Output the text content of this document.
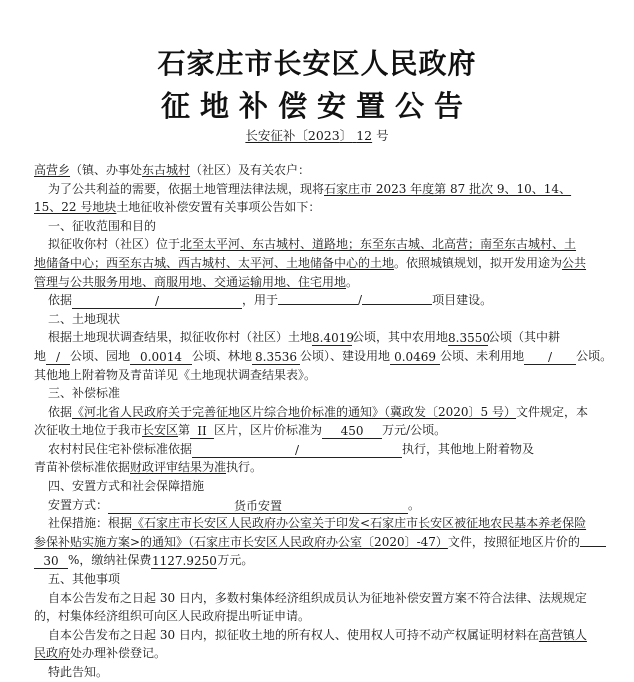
石家庄市长安区人民政府
征地补偿安置公告
长安征补〔2023〕 12 号
高营乡（镇、办事处东古城村（社区）及有关农户：
为了公共利益的需要，依据土地管理法律法规，现将石家庄市 2023 年度第 87 批次 9、10、14、
15、22 号地块土地征收补偿安置有关事项公告如下：
一、征收范围和目的
拟征收你村（社区）位于北至太平河、东古城村、道路地；东至东古城、北高营；南至东古城村、土
地储备中心；西至东古城、西古城村、太平河、土地储备中心的土地。依照城镇规划，拟开发用途为公共
管理与公共服务用地、商服用地、交通运输用地、住宅用地。
依据	/	，用于	/	项目建设。
二、土地现状
根据土地现状调查结果，拟征收你村（社区）土地8.4019公顷，其中农用地8.3550公顷（其中耕
地 / 公顷、园地 0.0014 公顷、林地 8.3536 公顷）、建设用地 0.0469 公顷、未利用地 / 公顷。
其他地上附着物及青苗详见《土地现状调查结果表》。
三、补偿标准
依据《河北省人民政府关于完善征地区片综合地价标准的通知》（冀政发〔2020〕5 号）文件规定，本
次征收土地位于我市长安区第 II 区片，区片价标准为 450 万元/公顷。
农村村民住宅补偿标准依据	/	执行，其他地上附着物及
青苗补偿标准依据财政评审结果为准执行。
四、安置方式和社会保障措施
安置方式：	货币安置	。
社保措施：根据《石家庄市长安区人民政府办公室关于印发<石家庄市长安区被征地农民基本养老保险
参保补贴实施方案>的通知》（石家庄市长安区人民政府办公室〔2020〕-47）文件，按照征地区片价的
30 %，缴纳社保费1127.9250万元。
五、其他事项
自本公告发布之日起 30 日内，多数村集体经济组织成员认为征地补偿安置方案不符合法律、法规规定
的，村集体经济组织可向区人民政府提出听证申请。
自本公告发布之日起 30 日内，拟征收土地的所有权人、使用权人可持不动产权属证明材料在高营镇人
民政府处办理补偿登记。
特此告知。
